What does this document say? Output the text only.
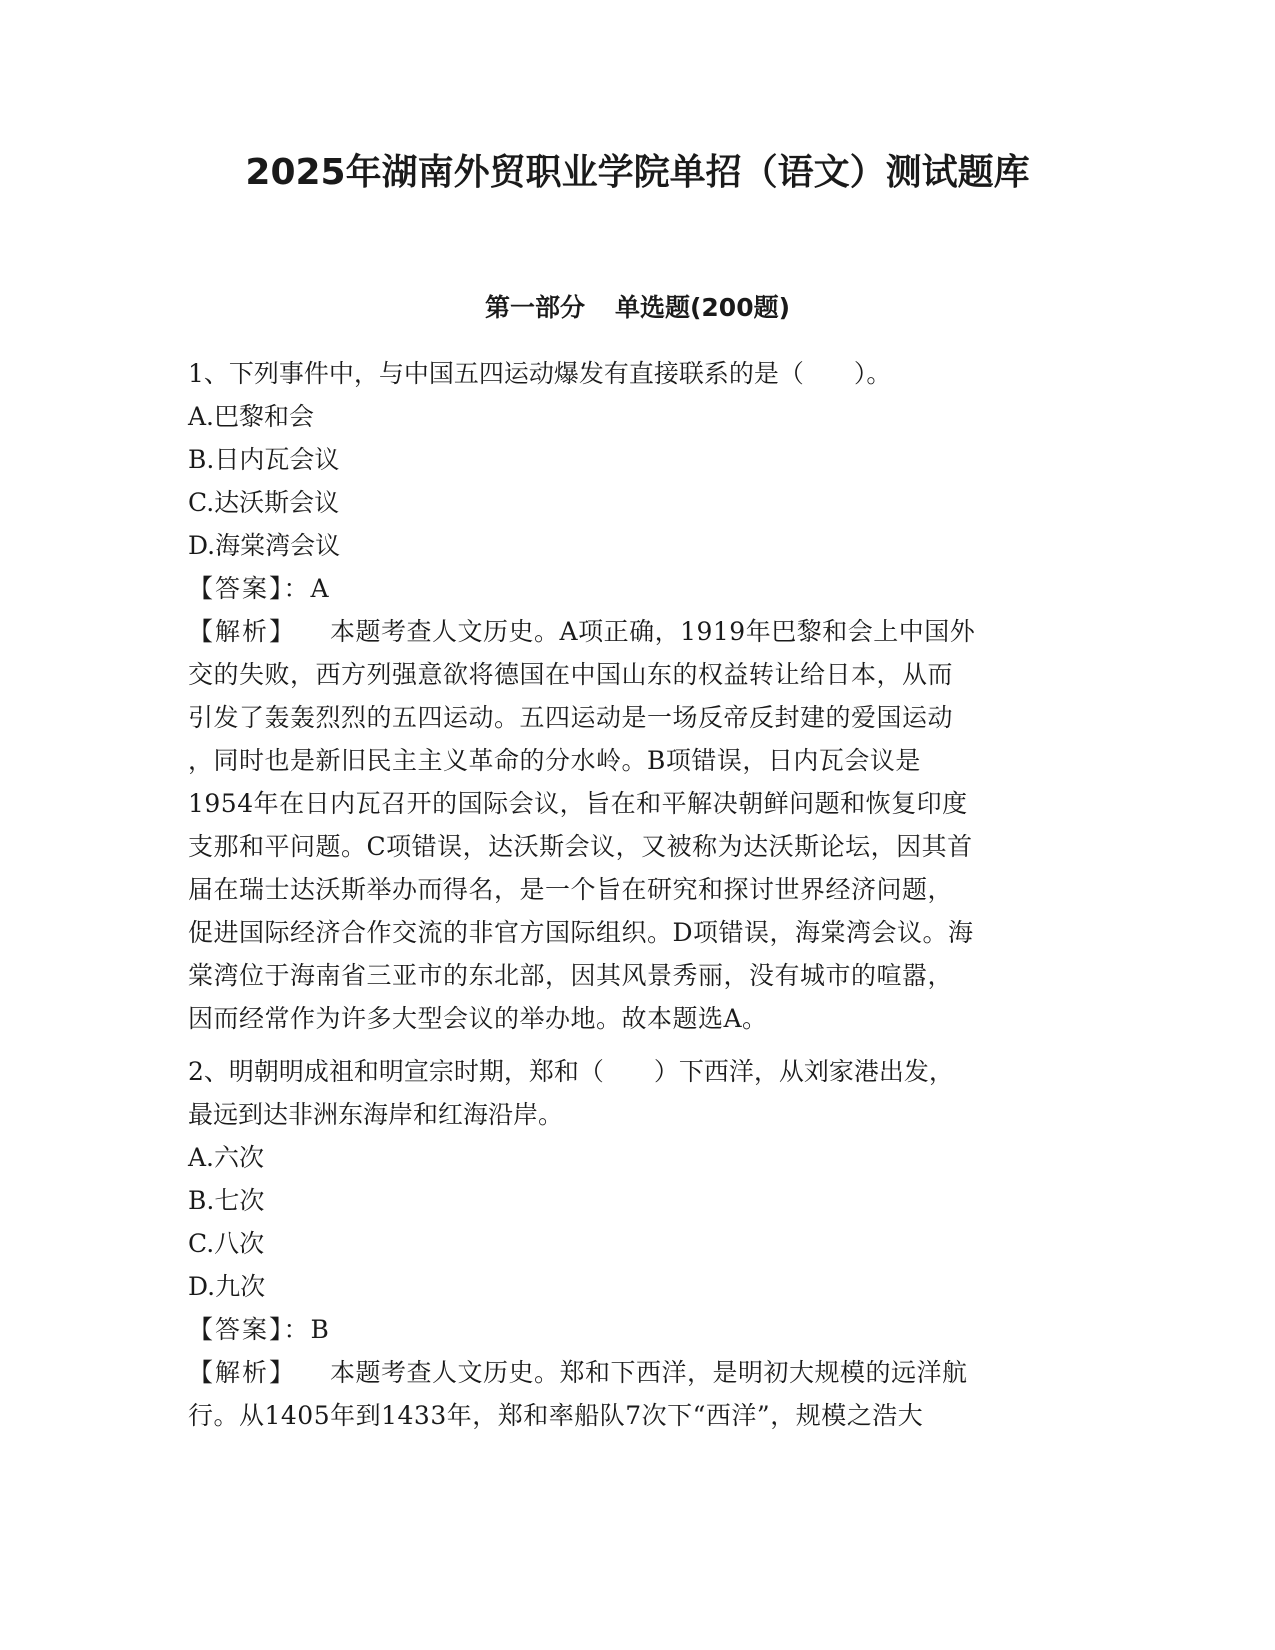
2025年湖南外贸职业学院单招（语文）测试题库
第一部分 单选题(200题)

1、下列事件中，与中国五四运动爆发有直接联系的是（　　）。

A.巴黎和会

B.日内瓦会议

C.达沃斯会议

D.海棠湾会议

【答案】：A

【解析】 本题考查人文历史。A项正确，1919年巴黎和会上中国外

交的失败，西方列强意欲将德国在中国山东的权益转让给日本，从而

引发了轰轰烈烈的五四运动。五四运动是一场反帝反封建的爱国运动

，同时也是新旧民主主义革命的分水岭。B项错误，日内瓦会议是

1954年在日内瓦召开的国际会议，旨在和平解决朝鲜问题和恢复印度

支那和平问题。C项错误，达沃斯会议，又被称为达沃斯论坛，因其首

届在瑞士达沃斯举办而得名，是一个旨在研究和探讨世界经济问题，

促进国际经济合作交流的非官方国际组织。D项错误，海棠湾会议。海

棠湾位于海南省三亚市的东北部，因其风景秀丽，没有城市的喧嚣，

因而经常作为许多大型会议的举办地。故本题选A。

2、明朝明成祖和明宣宗时期，郑和（　　）下西洋，从刘家港出发，

最远到达非洲东海岸和红海沿岸。

A.六次

B.七次

C.八次

D.九次

【答案】：B

【解析】 本题考查人文历史。郑和下西洋，是明初大规模的远洋航

行。从1405年到1433年，郑和率船队7次下“西洋”，规模之浩大
